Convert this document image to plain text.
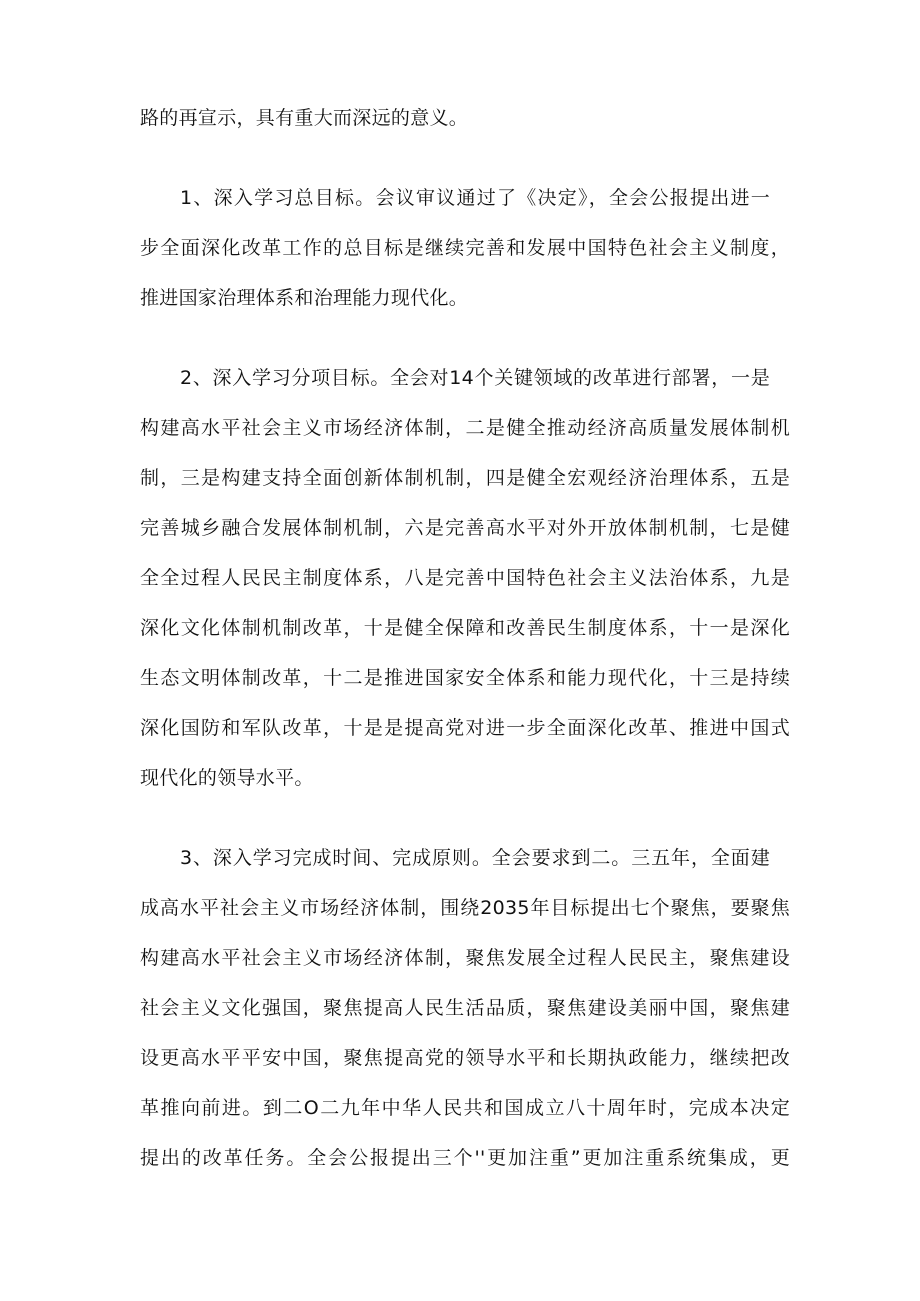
路的再宣示，具有重大而深远的意义。
1、深入学习总目标。会议审议通过了《决定》，全会公报提出进一
步全面深化改革工作的总目标是继续完善和发展中国特色社会主义制度，
推进国家治理体系和治理能力现代化。
2、深入学习分项目标。全会对14个关键领域的改革进行部署，一是
构建高水平社会主义市场经济体制，二是健全推动经济高质量发展体制机
制，三是构建支持全面创新体制机制，四是健全宏观经济治理体系，五是
完善城乡融合发展体制机制，六是完善高水平对外开放体制机制，七是健
全全过程人民民主制度体系，八是完善中国特色社会主义法治体系，九是
深化文化体制机制改革，十是健全保障和改善民生制度体系，十一是深化
生态文明体制改革，十二是推进国家安全体系和能力现代化，十三是持续
深化国防和军队改革，十是是提高党对进一步全面深化改革、推进中国式
现代化的领导水平。
3、深入学习完成时间、完成原则。全会要求到二。三五年，全面建
成高水平社会主义市场经济体制，围绕2035年目标提出七个聚焦，要聚焦
构建高水平社会主义市场经济体制，聚焦发展全过程人民民主，聚焦建设
社会主义文化强国，聚焦提高人民生活品质，聚焦建设美丽中国，聚焦建
设更高水平平安中国，聚焦提高党的领导水平和长期执政能力，继续把改
革推向前进。到二O二九年中华人民共和国成立八十周年时，完成本决定
提出的改革任务。全会公报提出三个''更加注重”更加注重系统集成，更
